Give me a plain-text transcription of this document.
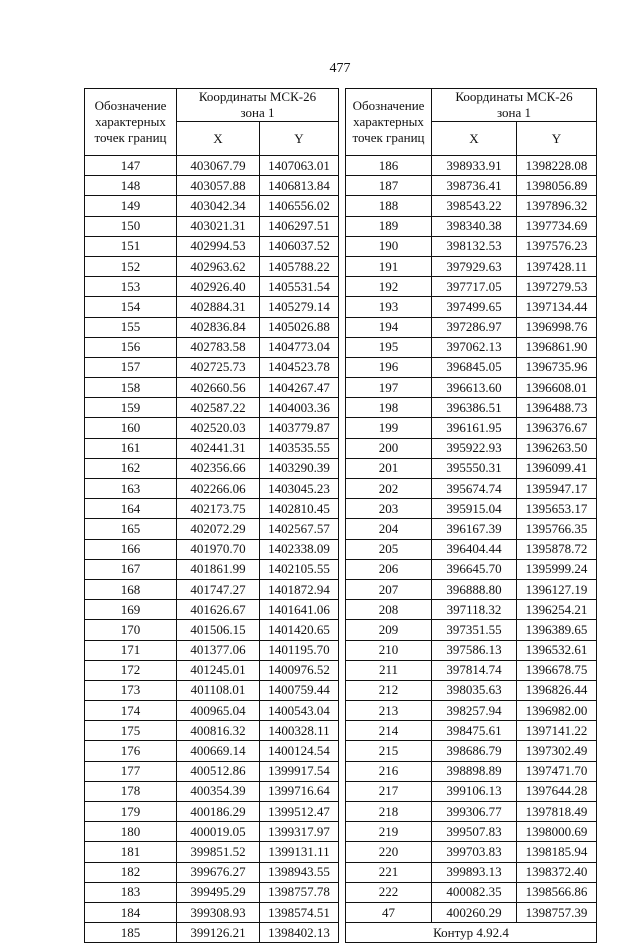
477
Обозначение
характерных
точек границ	Координаты МСК-26
зона 1	
	X	Y
147	403067.79	1407063.01
148	403057.88	1406813.84
149	403042.34	1406556.02
150	403021.31	1406297.51
151	402994.53	1406037.52
152	402963.62	1405788.22
153	402926.40	1405531.54
154	402884.31	1405279.14
155	402836.84	1405026.88
156	402783.58	1404773.04
157	402725.73	1404523.78
158	402660.56	1404267.47
159	402587.22	1404003.36
160	402520.03	1403779.87
161	402441.31	1403535.55
162	402356.66	1403290.39
163	402266.06	1403045.23
164	402173.75	1402810.45
165	402072.29	1402567.57
166	401970.70	1402338.09
167	401861.99	1402105.55
168	401747.27	1401872.94
169	401626.67	1401641.06
170	401506.15	1401420.65
171	401377.06	1401195.70
172	401245.01	1400976.52
173	401108.01	1400759.44
174	400965.04	1400543.04
175	400816.32	1400328.11
176	400669.14	1400124.54
177	400512.86	1399917.54
178	400354.39	1399716.64
179	400186.29	1399512.47
180	400019.05	1399317.97
181	399851.52	1399131.11
182	399676.27	1398943.55
183	399495.29	1398757.78
184	399308.93	1398574.51
185	399126.21	1398402.13
Обозначение
характерных
точек границ	Координаты МСК-26
зона 1	
	X	Y
186	398933.91	1398228.08
187	398736.41	1398056.89
188	398543.22	1397896.32
189	398340.38	1397734.69
190	398132.53	1397576.23
191	397929.63	1397428.11
192	397717.05	1397279.53
193	397499.65	1397134.44
194	397286.97	1396998.76
195	397062.13	1396861.90
196	396845.05	1396735.96
197	396613.60	1396608.01
198	396386.51	1396488.73
199	396161.95	1396376.67
200	395922.93	1396263.50
201	395550.31	1396099.41
202	395674.74	1395947.17
203	395915.04	1395653.17
204	396167.39	1395766.35
205	396404.44	1395878.72
206	396645.70	1395999.24
207	396888.80	1396127.19
208	397118.32	1396254.21
209	397351.55	1396389.65
210	397586.13	1396532.61
211	397814.74	1396678.75
212	398035.63	1396826.44
213	398257.94	1396982.00
214	398475.61	1397141.22
215	398686.79	1397302.49
216	398898.89	1397471.70
217	399106.13	1397644.28
218	399306.77	1397818.49
219	399507.83	1398000.69
220	399703.83	1398185.94
221	399893.13	1398372.40
222	400082.35	1398566.86
47	400260.29	1398757.39
Контур 4.92.4		
